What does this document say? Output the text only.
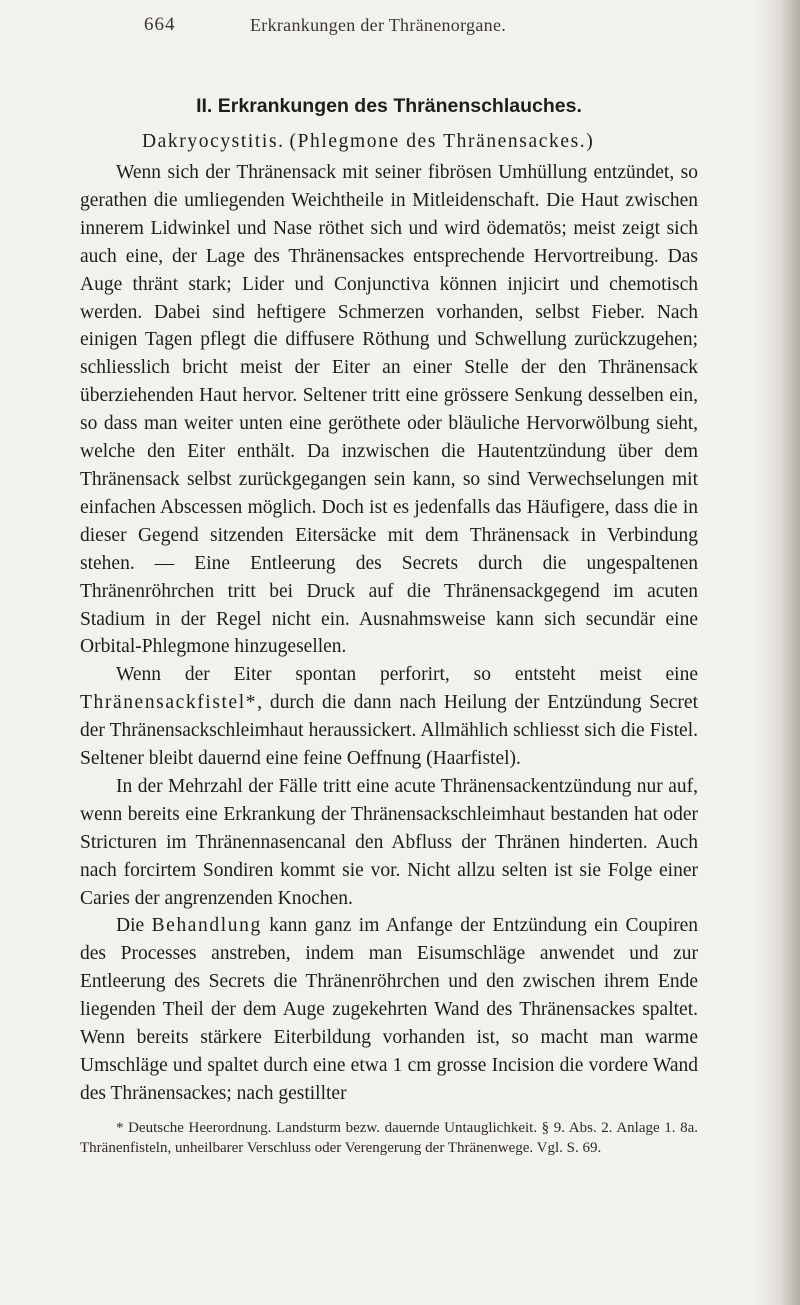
664	Erkrankungen der Thränenorgane.
II. Erkrankungen des Thränenschlauches.
Dakryocystitis. (Phlegmone des Thränensackes.)

Wenn sich der Thränensack mit seiner fibrösen Umhüllung entzündet, so gerathen die umliegenden Weichtheile in Mitleidenschaft. Die Haut zwischen innerem Lidwinkel und Nase röthet sich und wird ödematös; meist zeigt sich auch eine, der Lage des Thränensackes entsprechende Hervortreibung. Das Auge thränt stark; Lider und Conjunctiva können injicirt und chemotisch werden. Dabei sind heftigere Schmerzen vorhanden, selbst Fieber. Nach einigen Tagen pflegt die diffusere Röthung und Schwellung zurückzugehen; schliesslich bricht meist der Eiter an einer Stelle der den Thränensack überziehenden Haut hervor. Seltener tritt eine grössere Senkung desselben ein, so dass man weiter unten eine geröthete oder bläuliche Hervorwölbung sieht, welche den Eiter enthält. Da inzwischen die Hautentzündung über dem Thränensack selbst zurückgegangen sein kann, so sind Verwechselungen mit einfachen Abscessen möglich. Doch ist es jedenfalls das Häufigere, dass die in dieser Gegend sitzenden Eitersäcke mit dem Thränensack in Verbindung stehen. — Eine Entleerung des Secrets durch die ungespaltenen Thränenröhrchen tritt bei Druck auf die Thränensackgegend im acuten Stadium in der Regel nicht ein. Ausnahmsweise kann sich secundär eine Orbital-Phlegmone hinzugesellen.

Wenn der Eiter spontan perforirt, so entsteht meist eine Thränensackfistel*, durch die dann nach Heilung der Entzündung Secret der Thränensackschleimhaut heraussickert. Allmählich schliesst sich die Fistel. Seltener bleibt dauernd eine feine Oeffnung (Haarfistel).

In der Mehrzahl der Fälle tritt eine acute Thränensackentzündung nur auf, wenn bereits eine Erkrankung der Thränensackschleimhaut bestanden hat oder Stricturen im Thränennasencanal den Abfluss der Thränen hinderten. Auch nach forcirtem Sondiren kommt sie vor. Nicht allzu selten ist sie Folge einer Caries der angrenzenden Knochen.

Die Behandlung kann ganz im Anfange der Entzündung ein Coupiren des Processes anstreben, indem man Eisumschläge anwendet und zur Entleerung des Secrets die Thränenröhrchen und den zwischen ihrem Ende liegenden Theil der dem Auge zugekehrten Wand des Thränensackes spaltet. Wenn bereits stärkere Eiterbildung vorhanden ist, so macht man warme Umschläge und spaltet durch eine etwa 1 cm grosse Incision die vordere Wand des Thränensackes; nach gestillter

* Deutsche Heerordnung. Landsturm bezw. dauernde Untauglichkeit. § 9. Abs. 2. Anlage 1. 8a. Thränenfisteln, unheilbarer Verschluss oder Verengerung der Thränenwege. Vgl. S. 69.
